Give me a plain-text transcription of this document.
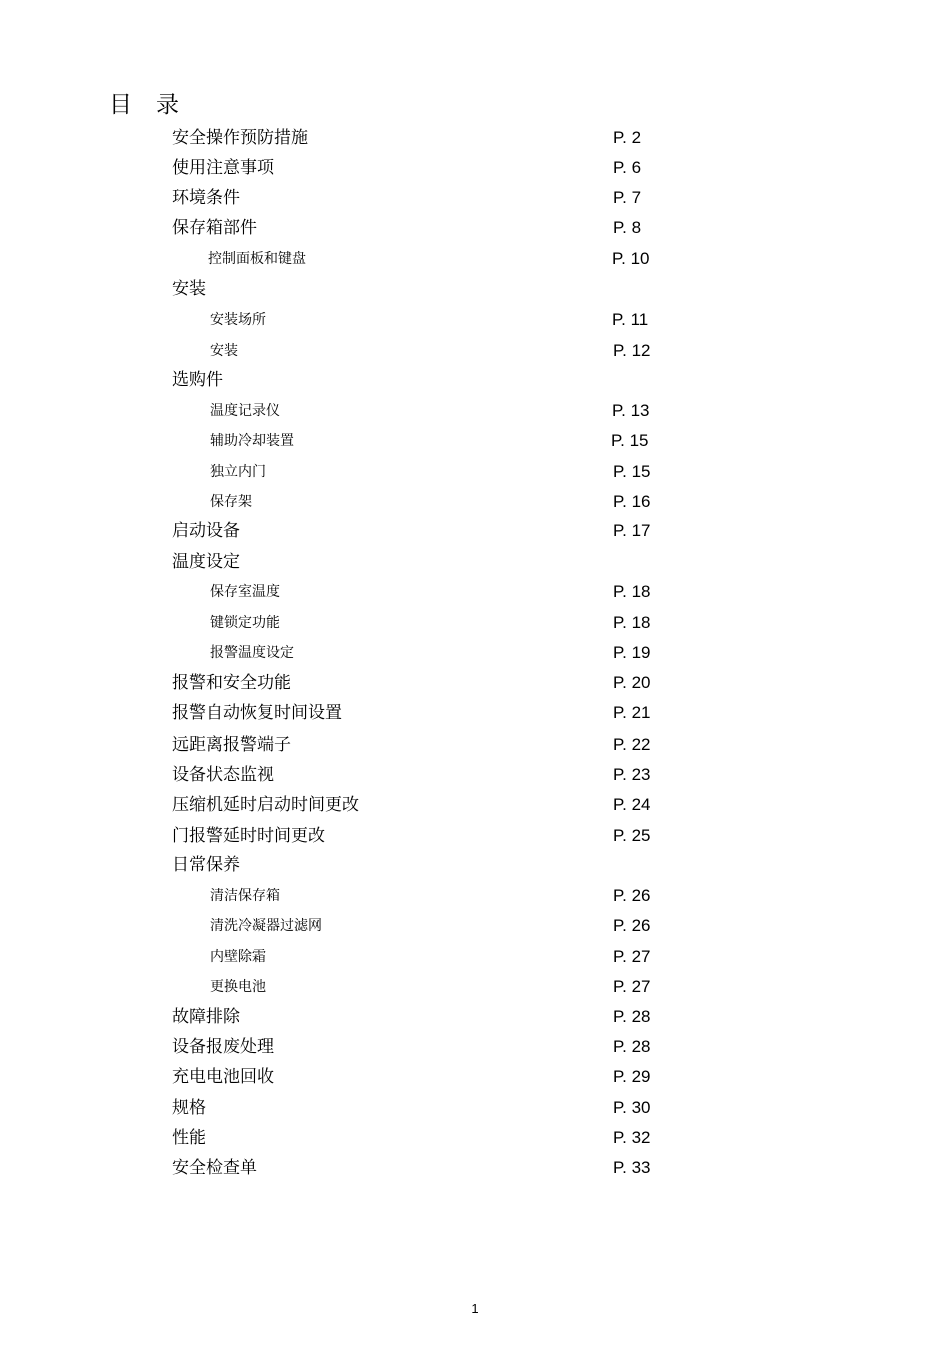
目录
安全操作预防措施	P. 2
使用注意事项	P. 6
环境条件	P. 7
保存箱部件	P. 8
控制面板和键盘	P. 10
安装
安装场所	P. 11
安装	P. 12
选购件
温度记录仪	P. 13
辅助冷却装置	P. 15
独立内门	P. 15
保存架	P. 16
启动设备	P. 17
温度设定
保存室温度	P. 18
键锁定功能	P. 18
报警温度设定	P. 19
报警和安全功能	P. 20
报警自动恢复时间设置	P. 21
远距离报警端子	P. 22
设备状态监视	P. 23
压缩机延时启动时间更改	P. 24
门报警延时时间更改	P. 25
日常保养
清洁保存箱	P. 26
清洗冷凝器过滤网	P. 26
内壁除霜	P. 27
更换电池	P. 27
故障排除	P. 28
设备报废处理	P. 28
充电电池回收	P. 29
规格	P. 30
性能	P. 32
安全检查单	P. 33
1
